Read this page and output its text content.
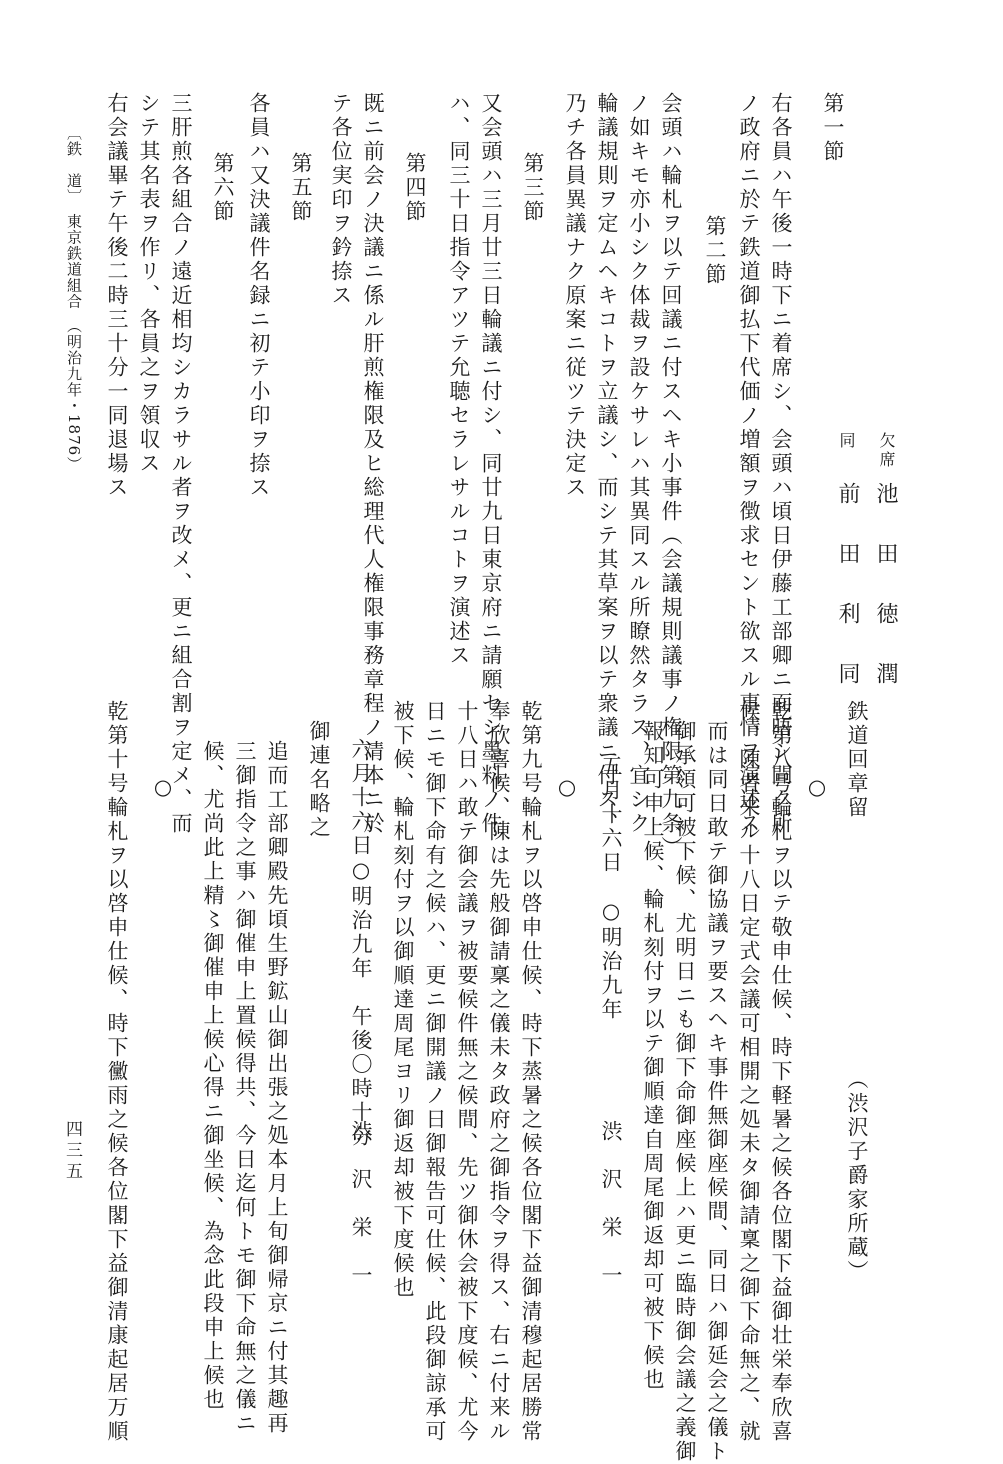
欠席
池　田　徳　潤
同
前　田　利　同
第一節
右各員ハ午後一時下ニ着席シ、会頭ハ頃日伊藤工部卿ニ面晤シ聞ク所
ノ政府ニ於テ鉄道御払下代価ノ増額ヲ徴求セント欲スル事情ヲ演述ス
第二節
会頭ハ輪札ヲ以テ回議ニ付スヘキ小事件（会議規則議事ノ権限第九条）
ノ如キモ亦小シク体裁ヲ設ケサレハ其異同スル所瞭然タラス、宜シク
輪議規則ヲ定ムヘキコトヲ立議シ、而シテ其草案ヲ以テ衆議ニ付ス、
乃チ各員異議ナク原案ニ従ツテ決定ス
第三節
又会頭ハ三月廿三日輪議ニ付シ、同廿九日東京府ニ請願セシ墨料ノ件
ハ、同三十日指令アツテ允聴セラレサルコトヲ演述ス
第四節
既ニ前会ノ決議ニ係ル肝煎権限及ヒ総理代人権限事務章程ノ清本ニ於
テ各位実印ヲ鈐捺ス
第五節
各員ハ又決議件名録ニ初テ小印ヲ捺ス
第六節
三肝煎各組合ノ遠近相均シカラサル者ヲ改メ、更ニ組合割ヲ定メ、而
シテ其名表ヲ作リ、各員之ヲ領収ス
右会議畢テ午後二時三十分一同退場ス
〔鉄　道〕　東京鉄道組合　（明治九年・1876）
鉄道回章留
（渋沢子爵家所蔵）
○
乾第八号輪札ヲ以テ敬申仕候、時下軽暑之候各位閣下益御壮栄奉欣喜
候、陳者来ル十八日定式会議可相開之処未タ御請稟之御下命無之、就
而は同日敢テ御協議ヲ要スヘキ事件無御座候間、同日ハ御延会之儀ト
御承領可被下候、尤明日ニも御下命御座候上ハ更ニ臨時御会議之義御
報知可申上候、輪札刻付ヲ以テ御順達自周尾御返却可被下候也
五月十六日　○明治九年
渋　沢　栄　一
○
乾第九号輪札ヲ以啓申仕候、時下蒸暑之候各位閣下益御清穆起居勝常
奉欣喜候、陳は先般御請稟之儀未タ政府之御指令ヲ得ス、右ニ付来ル
十八日ハ敢テ御会議ヲ被要候件無之候間、先ツ御休会被下度候、尤今
日ニモ御下命有之候ハ、更ニ御開議ノ日御報告可仕候、此段御諒承可
被下候、輪札刻付ヲ以御順達周尾ヨリ御返却被下度候也
六月十六日○明治九年　午後〇時十分
渋　沢　栄　一
御連名略之
追而工部卿殿先頃生野鉱山御出張之処本月上旬御帰京ニ付其趣再
三御指令之事ハ御催申上置候得共、今日迄何トモ御下命無之儀ニ
候、尤尚此上精〻御催申上候心得ニ御坐候、為念此段申上候也
○
乾第十号輪札ヲ以啓申仕候、時下黴雨之候各位閣下益御清康起居万順
四三五
